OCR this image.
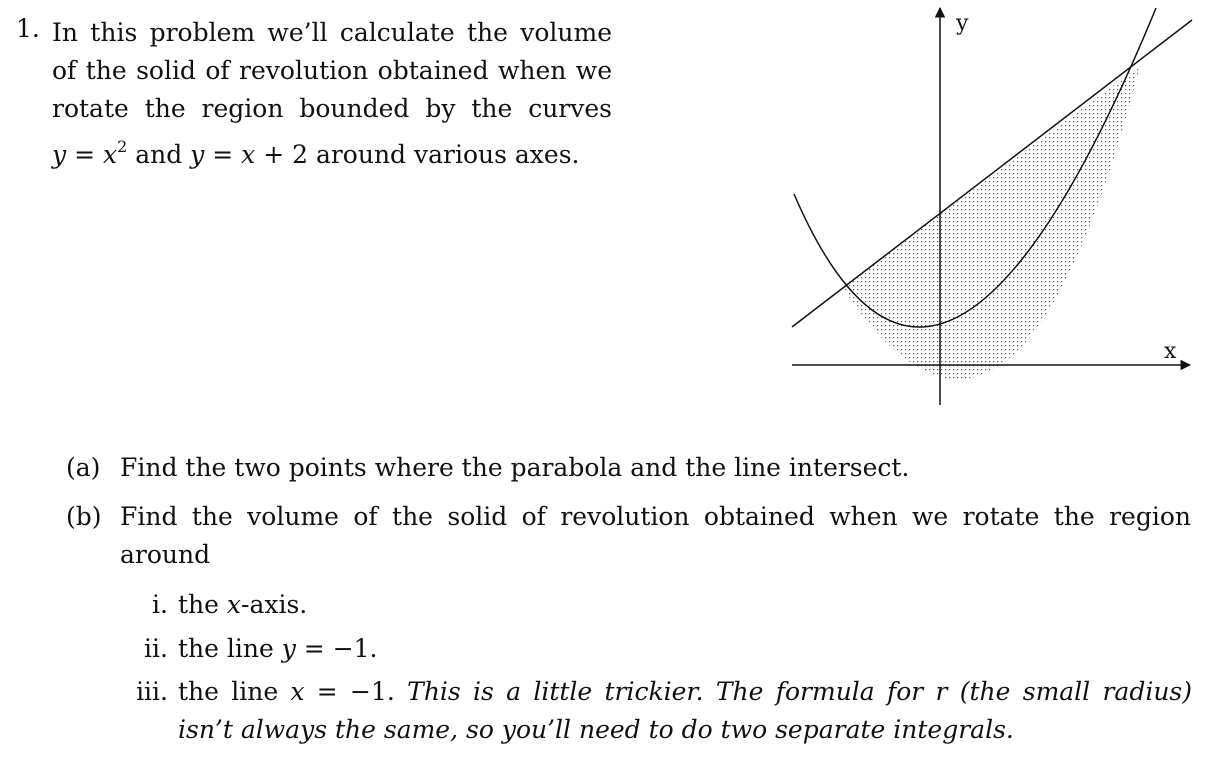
1. In this problem we’ll calculate the volume
of the solid of revolution obtained when we
rotate the region bounded by the curves
$y = x^2$ and y = x + 2 around various axes.
y
x
(a) Find the two points where the parabola and the line intersect.
(b) Find the volume of the solid of revolution obtained when we rotate the region
around
i. the x-axis.
ii. the line y = −1.
iii. the line x = −1. This is a little trickier. The formula for r (the small radius)
isn’t always the same, so you’ll need to do two separate integrals.
